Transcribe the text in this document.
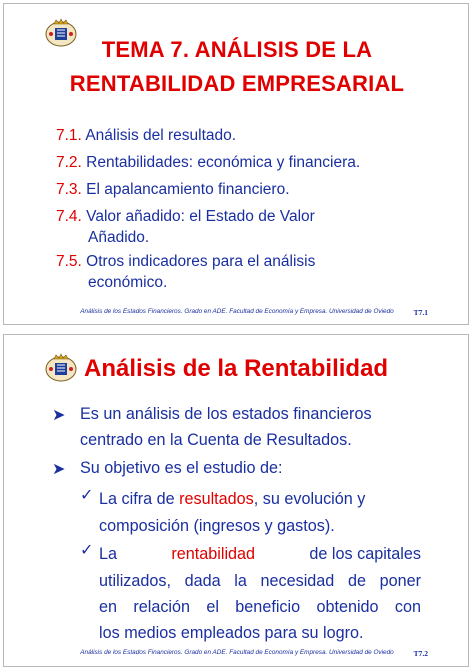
TEMA 7. ANÁLISIS DE LA
RENTABILIDAD EMPRESARIAL
7.1. Análisis del resultado.
7.2. Rentabilidades: económica y financiera.
7.3. El apalancamiento financiero.
7.4. Valor añadido: el Estado de Valor
Añadido.
7.5. Otros indicadores para el análisis
económico.
Análisis de los Estados Financieros. Grado en ADE. Facultad de Economía y Empresa. Universidad de Oviedo	T7.1
Análisis de la Rentabilidad
➤ Es un análisis de los estados financieros
centrado en la Cuenta de Resultados.
➤ Su objetivo es el estudio de:
✓ La cifra de resultados, su evolución y
composición (ingresos y gastos).
✓ La	rentabilidad	de los capitales
utilizados, dada la necesidad de poner
en relación el beneficio obtenido con
los medios empleados para su logro.
Análisis de los Estados Financieros. Grado en ADE. Facultad de Economía y Empresa. Universidad de Oviedo	T7.2
